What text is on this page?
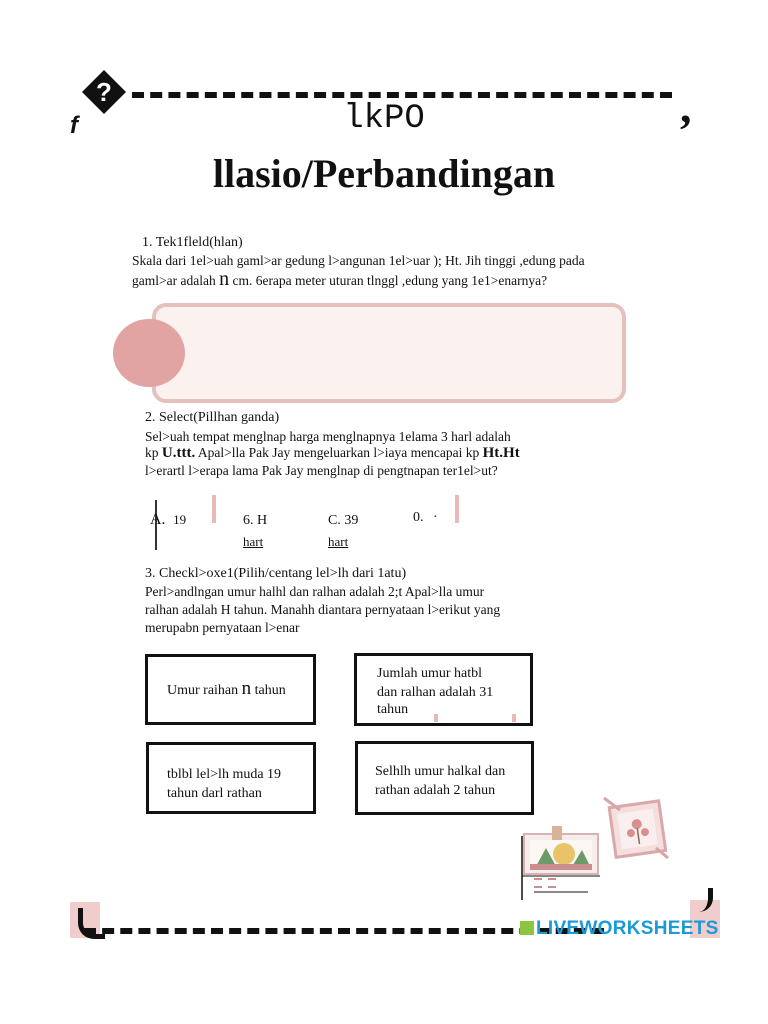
?	,
f	lkPO
llasio/Perbandingan
1. Tek1fleld(hlan)
Skala dari 1el>uah gaml>ar gedung l>angunan 1el>uar ); Ht. Jih tinggi ,edung pada
gaml>ar adalah n cm. 6erapa meter uturan tlnggl ,edung yang 1e1>enarnya?
2. Select(Pillhan ganda)
Sel>uah tempat menglnap harga menglnapnya 1elama 3 harl adalah
kp U.ttt. Apal>lla Pak Jay mengeluarkan l>iaya mencapai kp Ht.Ht
l>erartl l>erapa lama Pak Jay menglnap di pengtnapan ter1el>ut?
A. 19	6. H
hart
C. 39
hart
0. ·
3. Checkl>oxe1(Pilih/centang lel>lh dari 1atu)
Perl>andlngan umur halhl dan ralhan adalah 2;t Apal>lla umur
ralhan adalah H tahun. Manahh diantara pernyataan l>erikut yang
merupabn pernyataan l>enar
Umur raihan n tahun
Jumlah umur hatbl
dan ralhan adalah 31
tahun
tblbl lel>lh muda 19
tahun darl rathan
Selhlh umur halkal dan
rathan adalah 2 tahun
LIVEWORKSHEETS
